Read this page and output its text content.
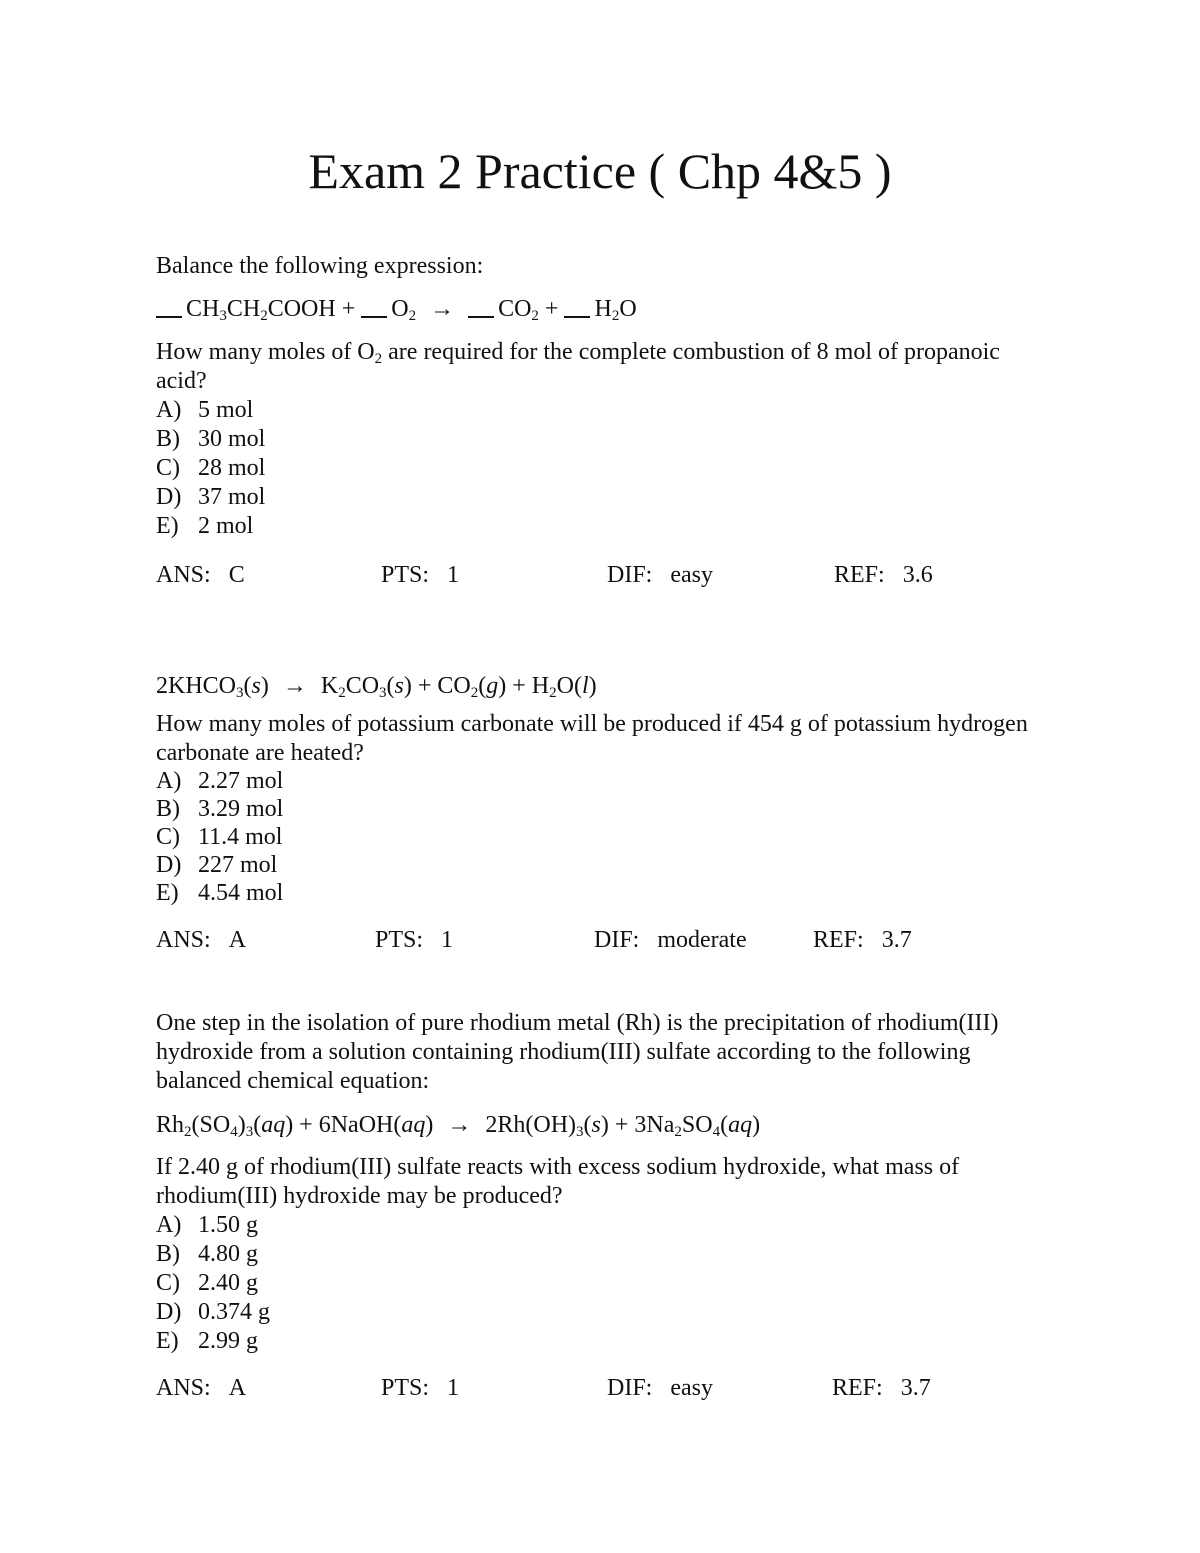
Exam 2 Practice ( Chp 4&5 )
Balance the following expression:
$CH_3CH_2COOH + O_2 \to CO_2 + H_2O$
How many moles of $O_2$ are required for the complete combustion of 8 mol of propanoic
acid?
A) 5 mol
B) 30 mol
C) 28 mol
D) 37 mol
E) 2 mol
ANS: C	PTS: 1	DIF: easy	REF: 3.6
$2KHCO_3(s) \to K_2CO_3(s) + CO_2(g) + H_2O(l)$
How many moles of potassium carbonate will be produced if 454 g of potassium hydrogen
carbonate are heated?
A) 2.27 mol
B) 3.29 mol
C) 11.4 mol
D) 227 mol
E) 4.54 mol
ANS: A	PTS: 1	DIF: moderate	REF: 3.7
One step in the isolation of pure rhodium metal (Rh) is the precipitation of rhodium(III)
hydroxide from a solution containing rhodium(III) sulfate according to the following
balanced chemical equation:
$Rh_2(SO_4)_3(aq)$ + 6NaOH(aq) → $2Rh(OH)_3(s) + 3Na_2SO_4(aq)$
If 2.40 g of rhodium(III) sulfate reacts with excess sodium hydroxide, what mass of
rhodium(III) hydroxide may be produced?
A) 1.50 g
B) 4.80 g
C) 2.40 g
D) 0.374 g
E) 2.99 g
ANS: A	PTS: 1	DIF: easy	REF: 3.7
